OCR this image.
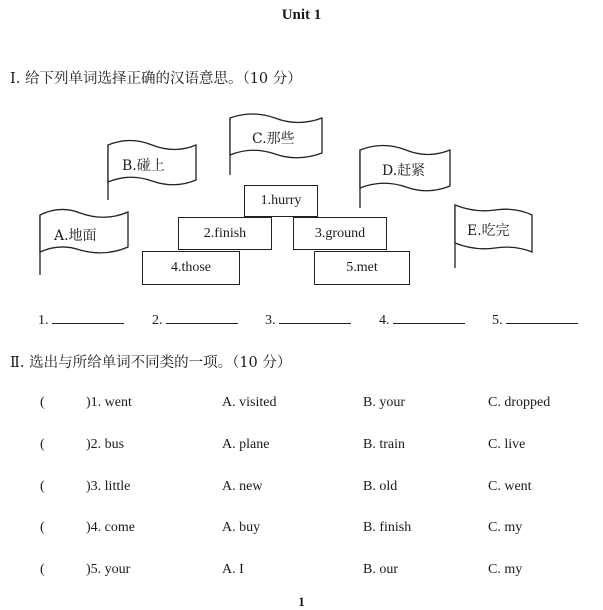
Unit 1
Ⅰ. 给下列单词选择正确的汉语意思。（10 分）
A.地面
B.碰上
C.那些
D.赶紧
E.吃完
1.hurry
2.finish	3.ground
4.those	5.met
1.	2.	3.	4.	5.
Ⅱ. 选出与所给单词不同类的一项。（10 分）
(	)1. went	A. visited	B. your	C. dropped
(	)2. bus	A. plane	B. train	C. live
(	)3. little	A. new	B. old	C. went
(	)4. come	A. buy	B. finish	C. my
(	)5. your	A. I	B. our	C. my
1
